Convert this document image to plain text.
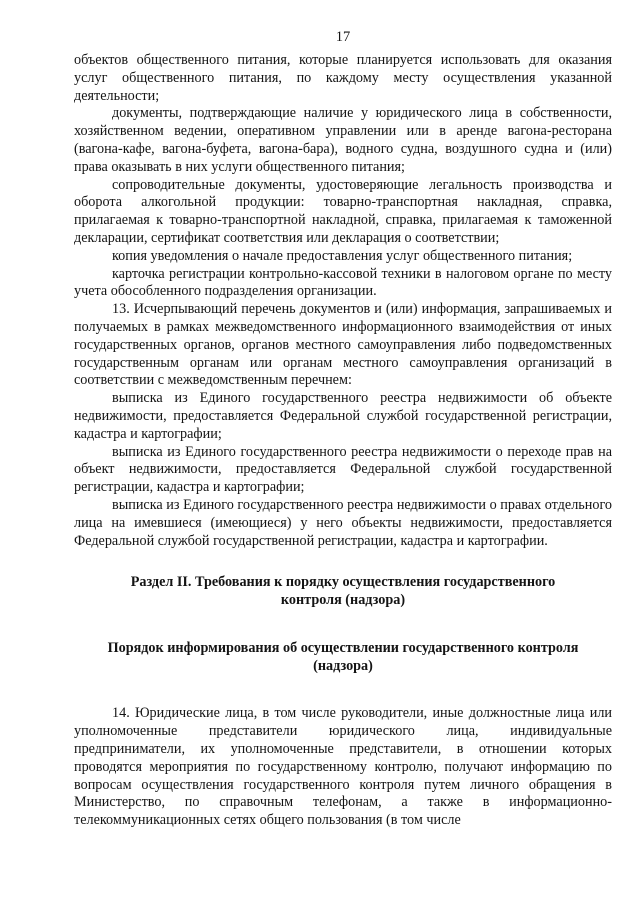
17

объектов общественного питания, которые планируется использовать для оказания услуг общественного питания, по каждому месту осуществления указанной деятельности;

документы, подтверждающие наличие у юридического лица в собственности, хозяйственном ведении, оперативном управлении или в аренде вагона-ресторана (вагона-кафе, вагона-буфета, вагона-бара), водного судна, воздушного судна и (или) права оказывать в них услуги общественного питания;

сопроводительные документы, удостоверяющие легальность производства и оборота алкогольной продукции: товарно-транспортная накладная, справка, прилагаемая к товарно-транспортной накладной, справка, прилагаемая к таможенной декларации, сертификат соответствия или декларация о соответствии;

копия уведомления о начале предоставления услуг общественного питания;

карточка регистрации контрольно-кассовой техники в налоговом органе по месту учета обособленного подразделения организации.

13. Исчерпывающий перечень документов и (или) информация, запрашиваемых и получаемых в рамках межведомственного информационного взаимодействия от иных государственных органов, органов местного самоуправления либо подведомственных государственным органам или органам местного самоуправления организаций в соответствии с межведомственным перечнем:

выписка из Единого государственного реестра недвижимости об объекте недвижимости, предоставляется Федеральной службой государственной регистрации, кадастра и картографии;

выписка из Единого государственного реестра недвижимости о переходе прав на объект недвижимости, предоставляется Федеральной службой государственной регистрации, кадастра и картографии;

выписка из Единого государственного реестра недвижимости о правах отдельного лица на имевшиеся (имеющиеся) у него объекты недвижимости, предоставляется Федеральной службой государственной регистрации, кадастра и картографии.

Раздел II. Требования к порядку осуществления государственного контроля (надзора)
Порядок информирования об осуществлении государственного контроля (надзора)

14. Юридические лица, в том числе руководители, иные должностные лица или уполномоченные представители юридического лица, индивидуальные предприниматели, их уполномоченные представители, в отношении которых проводятся мероприятия по государственному контролю, получают информацию по вопросам осуществления государственного контроля путем личного обращения в Министерство, по справочным телефонам, а также в информационно-телекоммуникационных сетях общего пользования (в том числе
